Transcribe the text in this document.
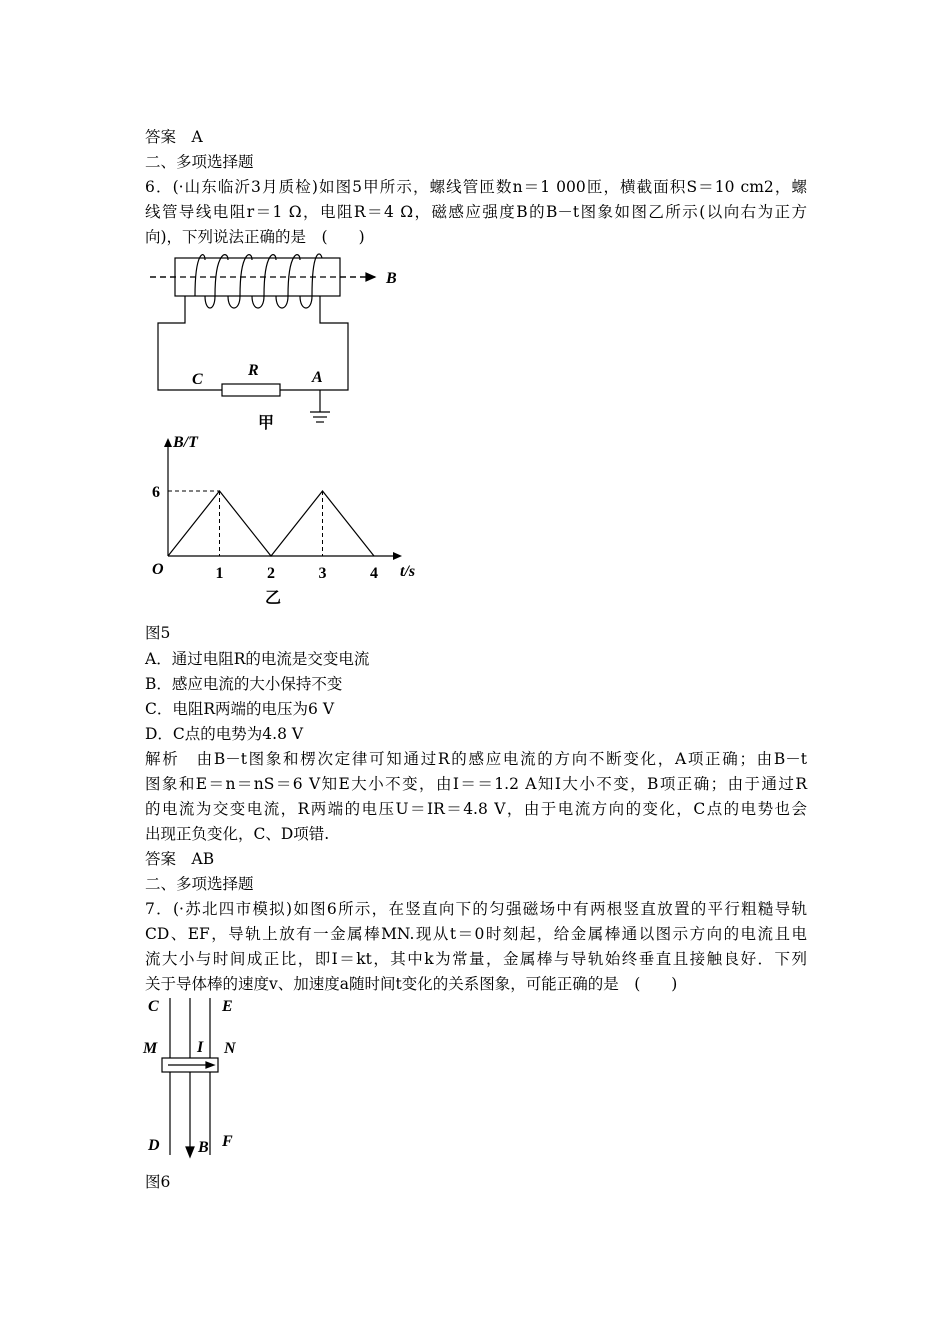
答案　 A
二、多项选择题
6．(·山东临沂3月质检)如图5甲所示，螺线管匝数n＝1 000匝，横截面积S＝10 cm2，螺
线管导线电阻r＝1 Ω，电阻R＝4 Ω，磁感应强度B的B－t图象如图乙所示(以向右为正方
向)，下列说法正确的是　(　　)
B
C
R	A
甲
1	2	3	4
6
B/T
t/s
O
乙
C	E
M I N
D B F
图5
A．通过电阻R的电流是交变电流
B．感应电流的大小保持不变
C．电阻R两端的电压为6 V
D．C点的电势为4.8 V
解析　由B－t图象和楞次定律可知通过R的感应电流的方向不断变化，A项正确；由B－t
图象和E＝n＝nS＝6 V知E大小不变，由I＝＝1.2 A知I大小不变，B项正确；由于通过R
的电流为交变电流，R两端的电压U＝IR＝4.8 V，由于电流方向的变化，C点的电势也会
出现正负变化，C、D项错.
答案　 AB
二、多项选择题
7．(·苏北四市模拟)如图6所示，在竖直向下的匀强磁场中有两根竖直放置的平行粗糙导轨
CD、EF，导轨上放有一金属棒MN.现从t＝0时刻起，给金属棒通以图示方向的电流且电
流大小与时间成正比，即I＝kt，其中k为常量，金属棒与导轨始终垂直且接触良好．下列
关于导体棒的速度v、加速度a随时间t变化的关系图象，可能正确的是　(　　)
图6
